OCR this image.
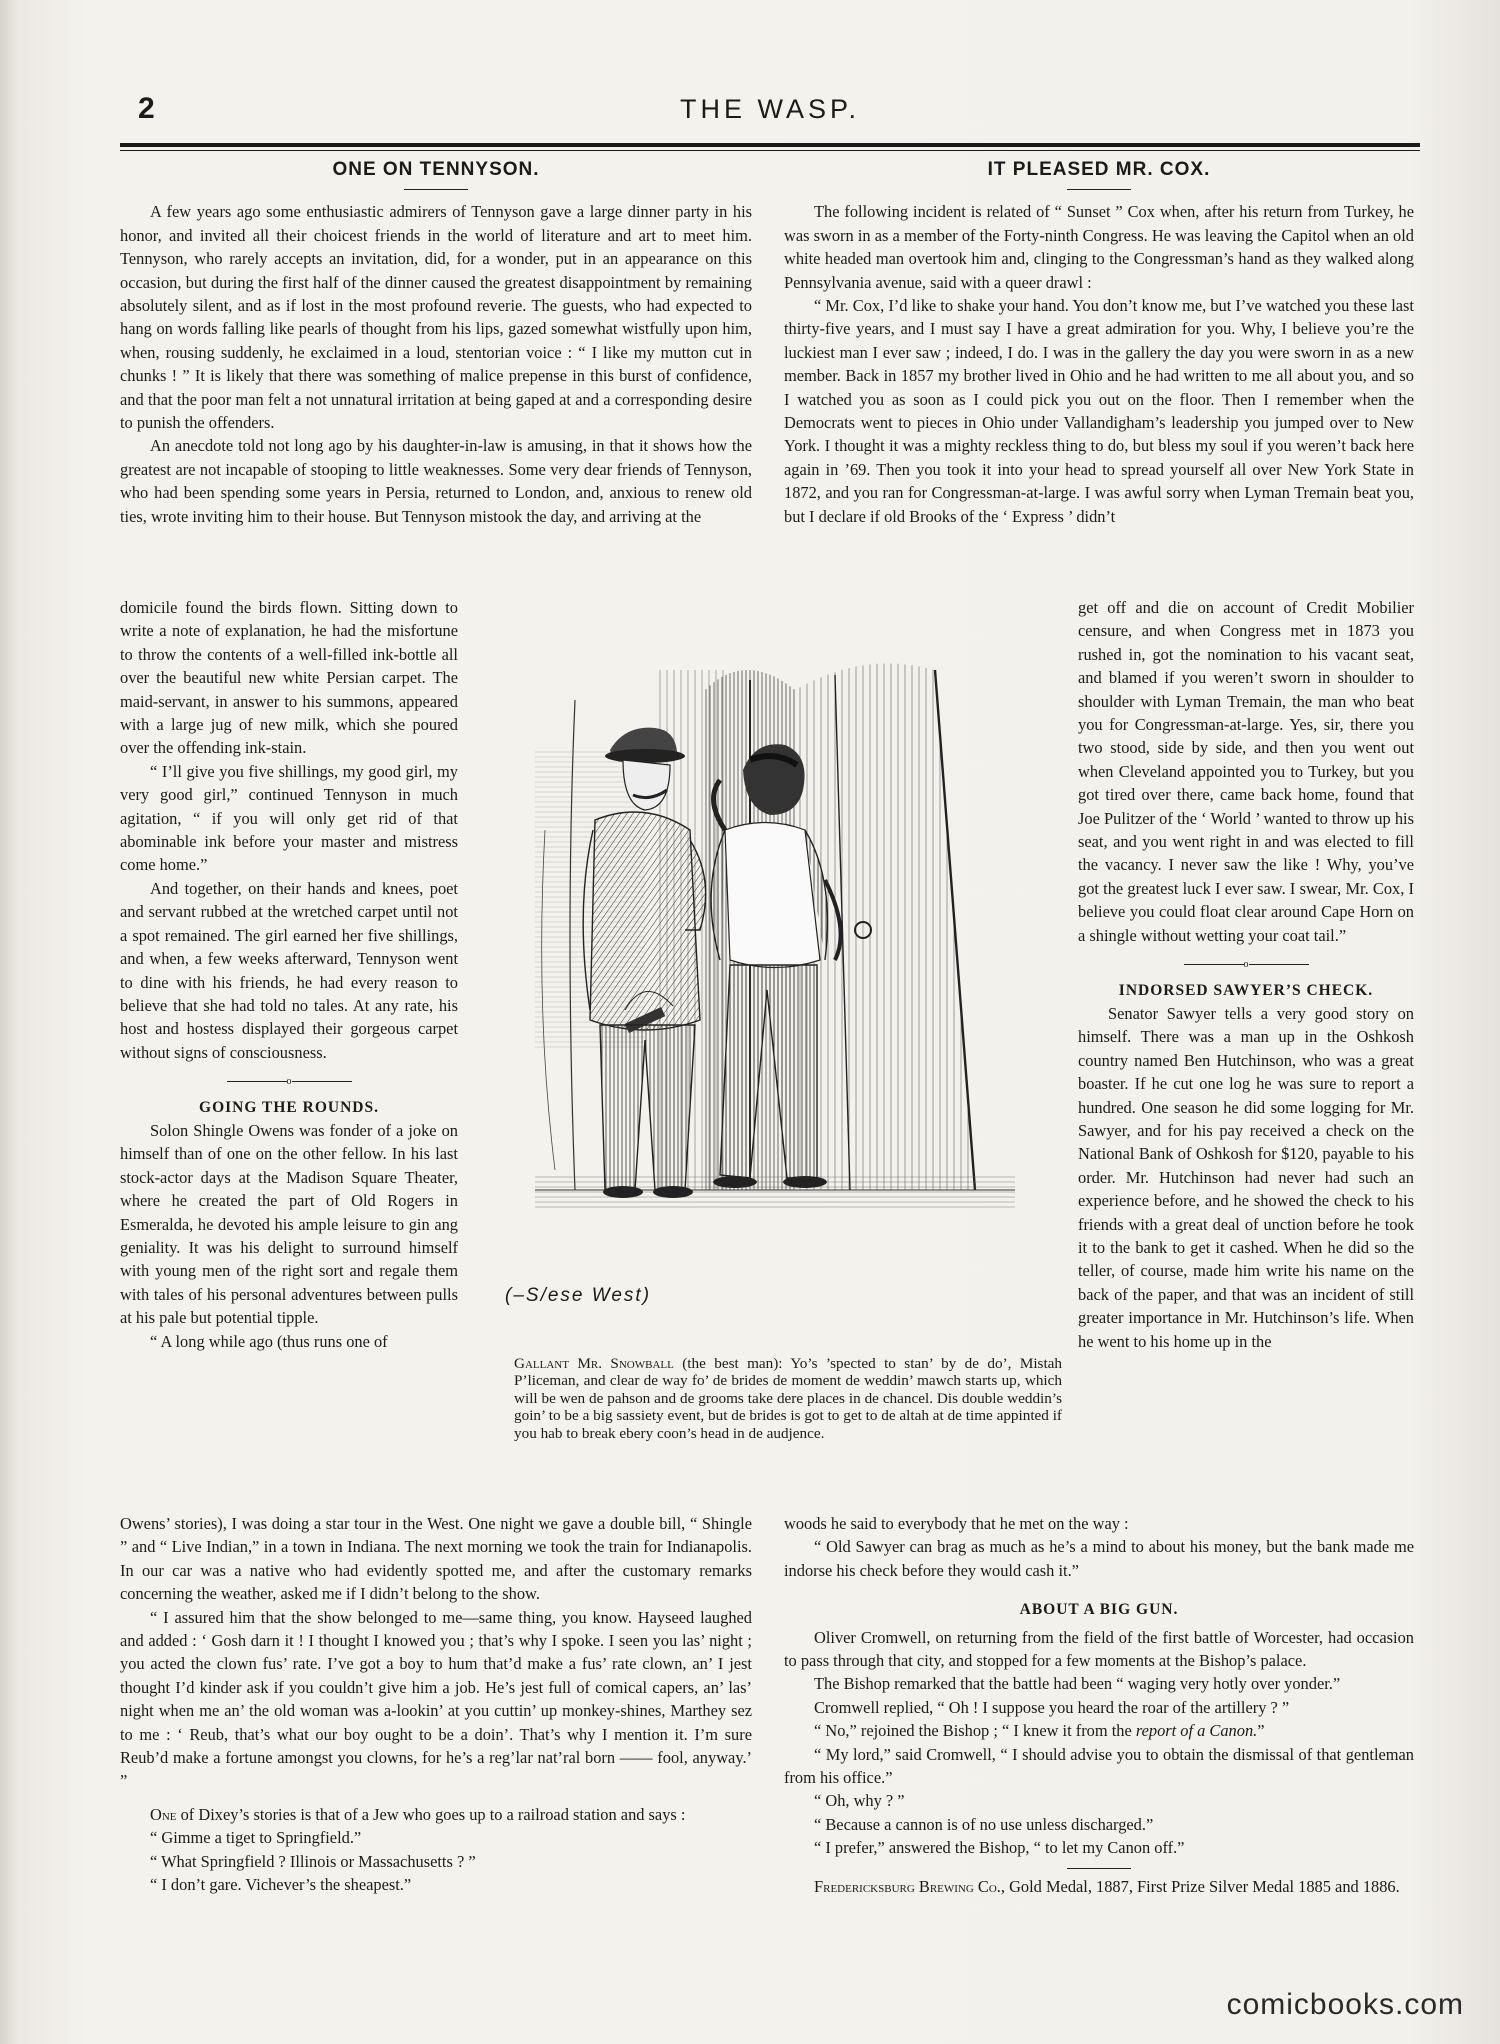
2	THE WASP.
ONE ON TENNYSON.

A few years ago some enthusiastic admirers of Tennyson gave a large dinner party in his honor, and invited all their choicest friends in the world of literature and art to meet him. Tennyson, who rarely accepts an invitation, did, for a wonder, put in an appearance on this occasion, but during the first half of the dinner caused the greatest disappointment by remaining absolutely silent, and as if lost in the most profound reverie. The guests, who had expected to hang on words falling like pearls of thought from his lips, gazed somewhat wistfully upon him, when, rousing suddenly, he exclaimed in a loud, stentorian voice : “ I like my mutton cut in chunks ! ” It is likely that there was something of malice prepense in this burst of confidence, and that the poor man felt a not unnatural irritation at being gaped at and a corresponding desire to punish the offenders.

An anecdote told not long ago by his daughter-in-law is amusing, in that it shows how the greatest are not incapable of stooping to little weaknesses. Some very dear friends of Tennyson, who had been spending some years in Persia, returned to London, and, anxious to renew old ties, wrote inviting him to their house. But Tennyson mistook the day, and arriving at the

domicile found the birds flown. Sitting down to write a note of explanation, he had the misfortune to throw the contents of a well-filled ink-bottle all over the beautiful new white Persian carpet. The maid-servant, in answer to his summons, appeared with a large jug of new milk, which she poured over the offending ink-stain.

“ I’ll give you five shillings, my good girl, my very good girl,” continued Tennyson in much agitation, “ if you will only get rid of that abominable ink before your master and mistress come home.”

And together, on their hands and knees, poet and servant rubbed at the wretched carpet until not a spot remained. The girl earned her five shillings, and when, a few weeks afterward, Tennyson went to dine with his friends, he had every reason to believe that she had told no tales. At any rate, his host and hostess displayed their gorgeous carpet without signs of consciousness.

o
GOING THE ROUNDS.

Solon Shingle Owens was fonder of a joke on himself than of one on the other fellow. In his last stock-actor days at the Madison Square Theater, where he created the part of Old Rogers in Esmeralda, he devoted his ample leisure to gin ang geniality. It was his delight to surround himself with young men of the right sort and regale them with tales of his personal adventures between pulls at his pale but potential tipple.

“ A long while ago (thus runs one of

Owens’ stories), I was doing a star tour in the West. One night we gave a double bill, “ Shingle ” and “ Live Indian,” in a town in Indiana. The next morning we took the train for Indianapolis. In our car was a native who had evidently spotted me, and after the customary remarks concerning the weather, asked me if I didn’t belong to the show.

“ I assured him that the show belonged to me—same thing, you know. Hayseed laughed and added : ‘ Gosh darn it ! I thought I knowed you ; that’s why I spoke. I seen you las’ night ; you acted the clown fus’ rate. I’ve got a boy to hum that’d make a fus’ rate clown, an’ I jest thought I’d kinder ask if you couldn’t give him a job. He’s jest full of comical capers, an’ las’ night when me an’ the old woman was a-lookin’ at you cuttin’ up monkey-shines, Marthey sez to me : ‘ Reub, that’s what our boy ought to be a doin’. That’s why I mention it. I’m sure Reub’d make a fortune amongst you clowns, for he’s a reg’lar nat’ral born —— fool, anyway.’ ”

One of Dixey’s stories is that of a Jew who goes up to a railroad station and says :

“ Gimme a tiget to Springfield.”

“ What Springfield ? Illinois or Massachusetts ? ”

“ I don’t gare. Vichever’s the sheapest.”

IT PLEASED MR. COX.

The following incident is related of “ Sunset ” Cox when, after his return from Turkey, he was sworn in as a member of the Forty-ninth Congress. He was leaving the Capitol when an old white headed man overtook him and, clinging to the Congressman’s hand as they walked along Pennsylvania avenue, said with a queer drawl :

“ Mr. Cox, I’d like to shake your hand. You don’t know me, but I’ve watched you these last thirty-five years, and I must say I have a great admiration for you. Why, I believe you’re the luckiest man I ever saw ; indeed, I do. I was in the gallery the day you were sworn in as a new member. Back in 1857 my brother lived in Ohio and he had written to me all about you, and so I watched you as soon as I could pick you out on the floor. Then I remember when the Democrats went to pieces in Ohio under Vallandigham’s leadership you jumped over to New York. I thought it was a mighty reckless thing to do, but bless my soul if you weren’t back here again in ’69. Then you took it into your head to spread yourself all over New York State in 1872, and you ran for Congressman-at-large. I was awful sorry when Lyman Tremain beat you, but I declare if old Brooks of the ‘ Express ’ didn’t

get off and die on account of Credit Mobilier censure, and when Congress met in 1873 you rushed in, got the nomination to his vacant seat, and blamed if you weren’t sworn in shoulder to shoulder with Lyman Tremain, the man who beat you for Congressman-at-large. Yes, sir, there you two stood, side by side, and then you went out when Cleveland appointed you to Turkey, but you got tired over there, came back home, found that Joe Pulitzer of the ‘ World ’ wanted to throw up his seat, and you went right in and was elected to fill the vacancy. I never saw the like ! Why, you’ve got the greatest luck I ever saw. I swear, Mr. Cox, I believe you could float clear around Cape Horn on a shingle without wetting your coat tail.”

o
INDORSED SAWYER’S CHECK.

Senator Sawyer tells a very good story on himself. There was a man up in the Oshkosh country named Ben Hutchinson, who was a great boaster. If he cut one log he was sure to report a hundred. One season he did some logging for Mr. Sawyer, and for his pay received a check on the National Bank of Oshkosh for $120, payable to his order. Mr. Hutchinson had never had such an experience before, and he showed the check to his friends with a great deal of unction before he took it to the bank to get it cashed. When he did so the teller, of course, made him write his name on the back of the paper, and that was an incident of still greater importance in Mr. Hutchinson’s life. When he went to his home up in the

woods he said to everybody that he met on the way :

“ Old Sawyer can brag as much as he’s a mind to about his money, but the bank made me indorse his check before they would cash it.”

ABOUT A BIG GUN.

Oliver Cromwell, on returning from the field of the first battle of Worcester, had occasion to pass through that city, and stopped for a few moments at the Bishop’s palace.

The Bishop remarked that the battle had been “ waging very hotly over yonder.”

Cromwell replied, “ Oh ! I suppose you heard the roar of the artillery ? ”

“ No,” rejoined the Bishop ; “ I knew it from the report of a Canon.”

“ My lord,” said Cromwell, “ I should advise you to obtain the dismissal of that gentleman from his office.”

“ Oh, why ? ”

“ Because a cannon is of no use unless discharged.”

“ I prefer,” answered the Bishop, “ to let my Canon off.”

Fredericksburg Brewing Co., Gold Medal, 1887, First Prize Silver Medal 1885 and 1886.

(–S/ese West)
Gallant Mr. Snowball (the best man): Yo’s ’spected to stan’ by de do’, Mistah P’liceman, and clear de way fo’ de brides de moment de weddin’ mawch starts up, which will be wen de pahson and de grooms take dere places in de chancel. Dis double weddin’s goin’ to be a big sassiety event, but de brides is got to get to de altah at de time appinted if you hab to break ebery coon’s head in de audjence.
comicbooks.com
